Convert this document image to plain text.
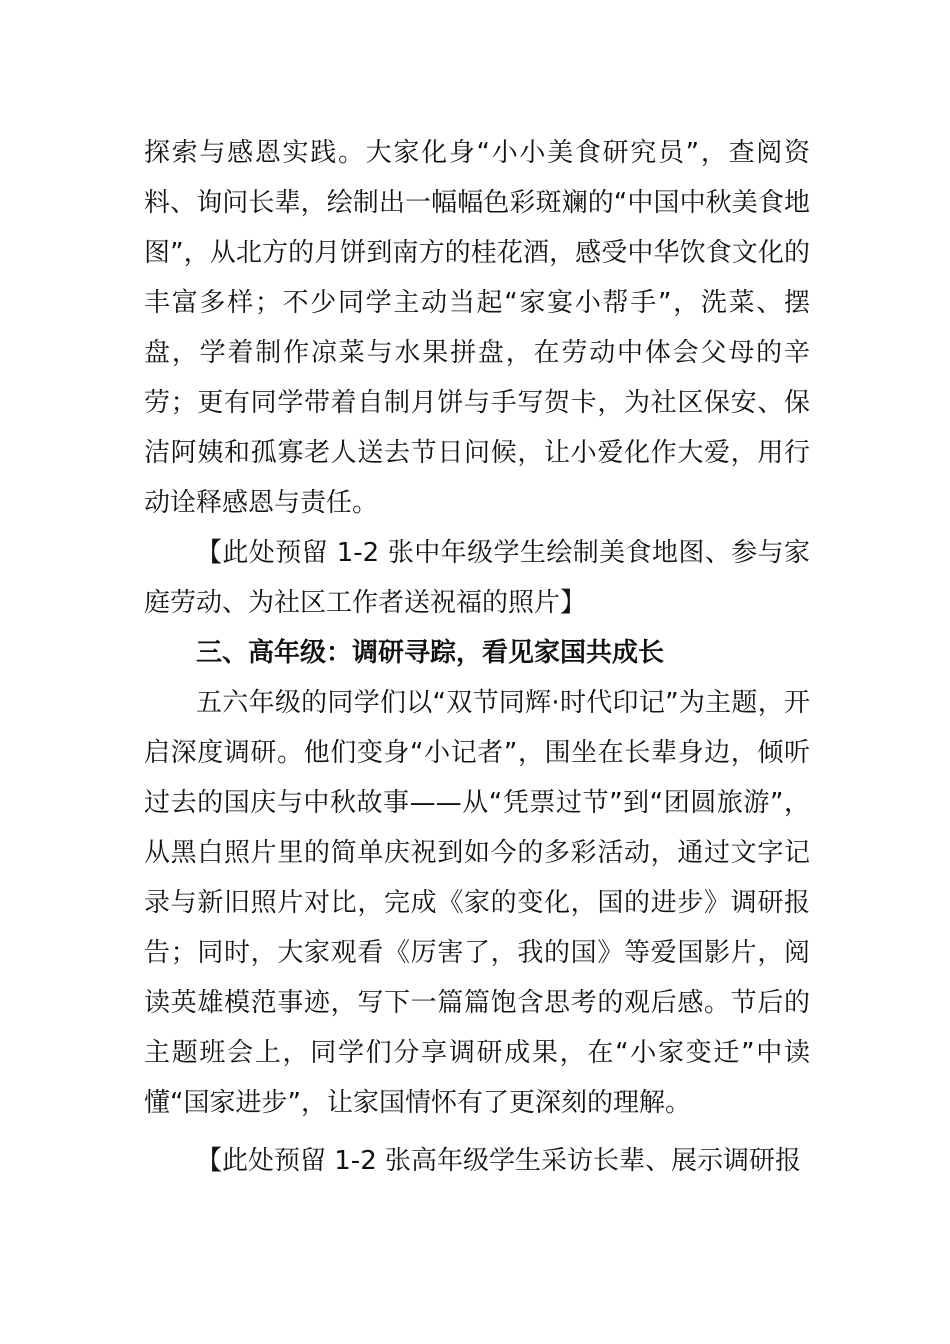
探索与感恩实践。大家化身“小小美食研究员”，查阅资料、询问长辈，绘制出一幅幅色彩斑斓的“中国中秋美食地图”，从北方的月饼到南方的桂花酒，感受中华饮食文化的丰富多样；不少同学主动当起“家宴小帮手”，洗菜、摆盘，学着制作凉菜与水果拼盘，在劳动中体会父母的辛劳；更有同学带着自制月饼与手写贺卡，为社区保安、保洁阿姨和孤寡老人送去节日问候，让小爱化作大爱，用行动诠释感恩与责任。

【此处预留 1-2 张中年级学生绘制美食地图、参与家庭劳动、为社区工作者送祝福的照片】

三、高年级：调研寻踪，看见家国共成长

五六年级的同学们以“双节同辉·时代印记”为主题，开启深度调研。他们变身“小记者”，围坐在长辈身边，倾听过去的国庆与中秋故事——从“凭票过节”到“团圆旅游”，从黑白照片里的简单庆祝到如今的多彩活动，通过文字记录与新旧照片对比，完成《家的变化，国的进步》调研报告；同时，大家观看《厉害了，我的国》等爱国影片，阅读英雄模范事迹，写下一篇篇饱含思考的观后感。节后的主题班会上，同学们分享调研成果，在“小家变迁”中读懂“国家进步”，让家国情怀有了更深刻的理解。

【此处预留 1-2 张高年级学生采访长辈、展示调研报
